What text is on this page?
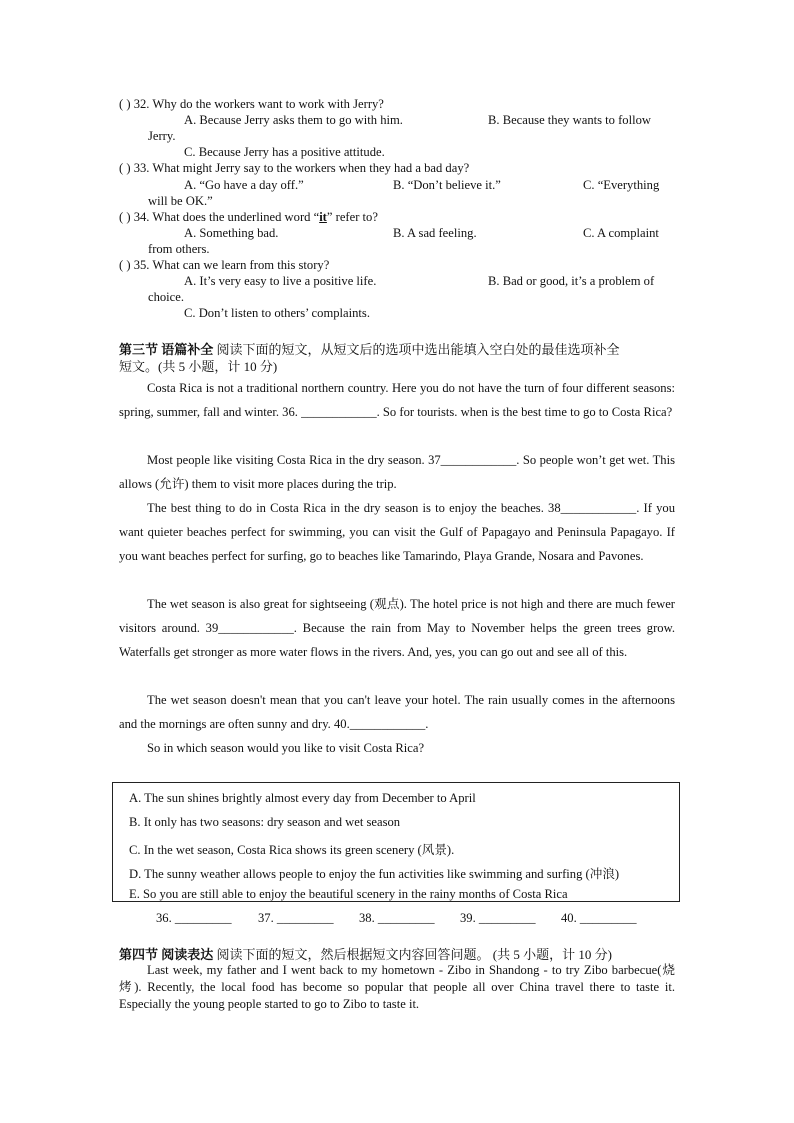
( ) 32. Why do the workers want to work with Jerry?
A. Because Jerry asks them to go with him.	B. Because they wants to follow
Jerry.
C. Because Jerry has a positive attitude.
( ) 33. What might Jerry say to the workers when they had a bad day?
A. “Go have a day off.”	B. “Don’t believe it.”	C. “Everything
will be OK.”
( ) 34. What does the underlined word “it” refer to?
A. Something bad.	B. A sad feeling.	C. A complaint
from others.
( ) 35. What can we learn from this story?
A. It’s very easy to live a positive life.	B. Bad or good, it’s a problem of
choice.
C. Don’t listen to others’ complaints.
第三节 语篇补全 阅读下面的短文，从短文后的选项中选出能填入空白处的最佳选项补全
短文。(共 5 小题，计 10 分)
Costa Rica is not a traditional northern country. Here you do not have the turn of four different seasons: spring, summer, fall and winter. 36. ____________. So for tourists. when is the best time to go to Costa Rica?
Most people like visiting Costa Rica in the dry season. 37____________. So people won’t get wet. This allows (允许) them to visit more places during the trip.
The best thing to do in Costa Rica in the dry season is to enjoy the beaches. 38____________. If you want quieter beaches perfect for swimming, you can visit the Gulf of Papagayo and Peninsula Papagayo. If you want beaches perfect for surfing, go to beaches like Tamarindo, Playa Grande, Nosara and Pavones.
The wet season is also great for sightseeing (观点). The hotel price is not high and there are much fewer visitors around. 39____________. Because the rain from May to November helps the green trees grow. Waterfalls get stronger as more water flows in the rivers. And, yes, you can go out and see all of this.
The wet season doesn't mean that you can't leave your hotel. The rain usually comes in the afternoons and the mornings are often sunny and dry. 40.____________.
So in which season would you like to visit Costa Rica?
A. The sun shines brightly almost every day from December to April
B. It only has two seasons: dry season and wet season
C. In the wet season, Costa Rica shows its green scenery (风景).
D. The sunny weather allows people to enjoy the fun activities like swimming and surfing (冲浪)
E. So you are still able to enjoy the beautiful scenery in the rainy months of Costa Rica
36. _________ 37. _________ 38. _________ 39. _________ 40. _________
第四节 阅读表达 阅读下面的短文，然后根据短文内容回答问题。 (共 5 小题，计 10 分)
Last week, my father and I went back to my hometown - Zibo in Shandong - to try Zibo barbecue(烧烤). Recently, the local food has become so popular that people all over China travel there to taste it. Especially the young people started to go to Zibo to taste it.
